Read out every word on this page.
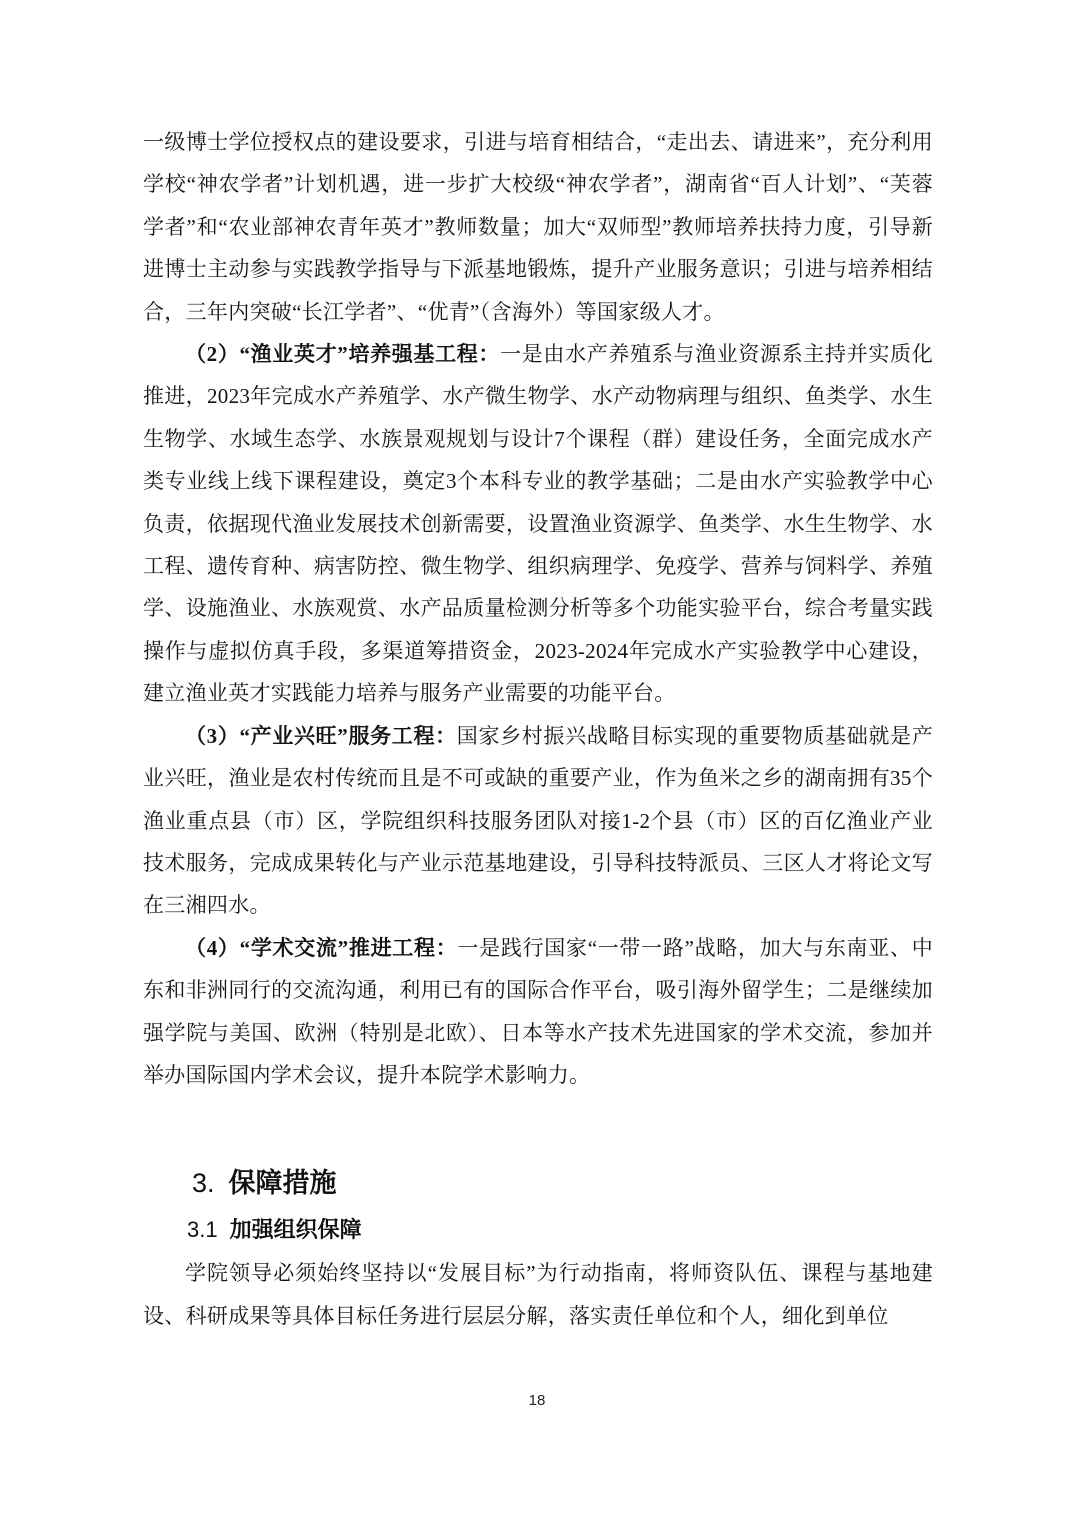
一级博士学位授权点的建设要求，引进与培育相结合，“走出去、请进来”，充分利用学校“神农学者”计划机遇，进一步扩大校级“神农学者”，湖南省“百人计划”、“芙蓉学者”和“农业部神农青年英才”教师数量；加大“双师型”教师培养扶持力度，引导新进博士主动参与实践教学指导与下派基地锻炼，提升产业服务意识；引进与培养相结合，三年内突破“长江学者”、“优青”（含海外）等国家级人才。

（2）“渔业英才”培养强基工程：一是由水产养殖系与渔业资源系主持并实质化推进，2023年完成水产养殖学、水产微生物学、水产动物病理与组织、鱼类学、水生生物学、水域生态学、水族景观规划与设计7个课程（群）建设任务，全面完成水产类专业线上线下课程建设，奠定3个本科专业的教学基础；二是由水产实验教学中心负责，依据现代渔业发展技术创新需要，设置渔业资源学、鱼类学、水生生物学、水工程、遗传育种、病害防控、微生物学、组织病理学、免疫学、营养与饲料学、养殖学、设施渔业、水族观赏、水产品质量检测分析等多个功能实验平台，综合考量实践操作与虚拟仿真手段，多渠道筹措资金，2023-2024年完成水产实验教学中心建设，建立渔业英才实践能力培养与服务产业需要的功能平台。

（3）“产业兴旺”服务工程：国家乡村振兴战略目标实现的重要物质基础就是产业兴旺，渔业是农村传统而且是不可或缺的重要产业，作为鱼米之乡的湖南拥有35个渔业重点县（市）区，学院组织科技服务团队对接1-2个县（市）区的百亿渔业产业技术服务，完成成果转化与产业示范基地建设，引导科技特派员、三区人才将论文写在三湘四水。

（4）“学术交流”推进工程：一是践行国家“一带一路”战略，加大与东南亚、中东和非洲同行的交流沟通，利用已有的国际合作平台，吸引海外留学生；二是继续加强学院与美国、欧洲（特别是北欧）、日本等水产技术先进国家的学术交流，参加并举办国际国内学术会议，提升本院学术影响力。

3. 保障措施
3.1 加强组织保障

学院领导必须始终坚持以“发展目标”为行动指南，将师资队伍、课程与基地建设、科研成果等具体目标任务进行层层分解，落实责任单位和个人，细化到单位

18
